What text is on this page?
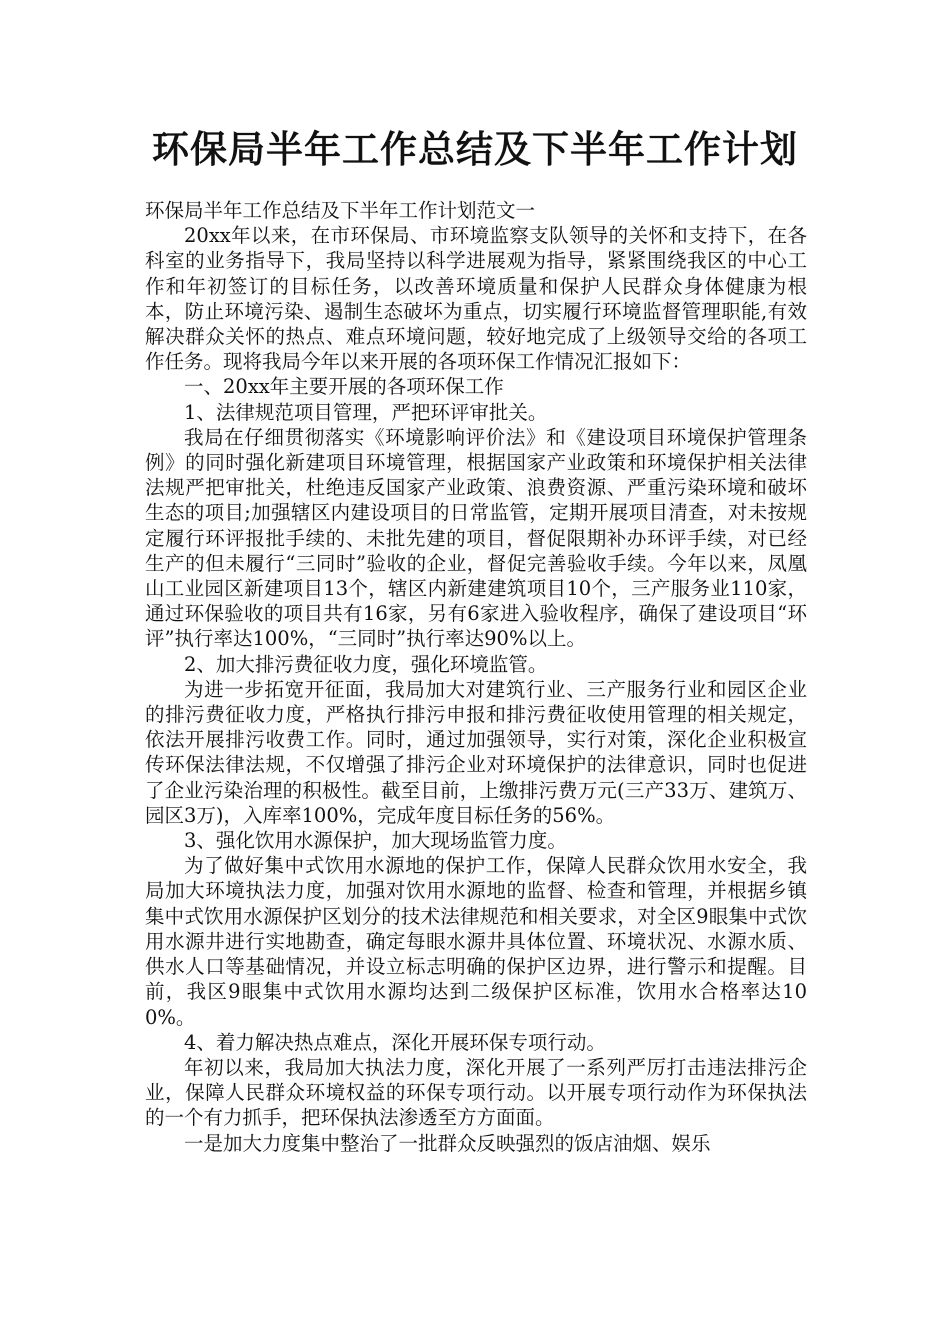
环保局半年工作总结及下半年工作计划

环保局半年工作总结及下半年工作计划范文一

20xx年以来，在市环保局、市环境监察支队领导的关怀和支持下，在各科室的业务指导下，我局坚持以科学进展观为指导，紧紧围绕我区的中心工作和年初签订的目标任务，以改善环境质量和保护人民群众身体健康为根本，防止环境污染、遏制生态破坏为重点，切实履行环境监督管理职能,有效解决群众关怀的热点、难点环境问题，较好地完成了上级领导交给的各项工作任务。现将我局今年以来开展的各项环保工作情况汇报如下：

一、20xx年主要开展的各项环保工作

1、法律规范项目管理，严把环评审批关。

我局在仔细贯彻落实《环境影响评价法》和《建设项目环境保护管理条例》的同时强化新建项目环境管理，根据国家产业政策和环境保护相关法律法规严把审批关，杜绝违反国家产业政策、浪费资源、严重污染环境和破坏生态的项目;加强辖区内建设项目的日常监管，定期开展项目清查，对未按规定履行环评报批手续的、未批先建的项目，督促限期补办环评手续，对已经生产的但未履行“三同时”验收的企业，督促完善验收手续。今年以来，凤凰山工业园区新建项目13个，辖区内新建建筑项目10个，三产服务业110家，通过环保验收的项目共有16家，另有6家进入验收程序，确保了建设项目“环评”执行率达100%，“三同时”执行率达90%以上。

2、加大排污费征收力度，强化环境监管。

为进一步拓宽开征面，我局加大对建筑行业、三产服务行业和园区企业的排污费征收力度，严格执行排污申报和排污费征收使用管理的相关规定，依法开展排污收费工作。同时，通过加强领导，实行对策，深化企业积极宣传环保法律法规，不仅增强了排污企业对环境保护的法律意识，同时也促进了企业污染治理的积极性。截至目前，上缴排污费万元(三产33万、建筑万、园区3万)，入库率100%，完成年度目标任务的56%。

3、强化饮用水源保护，加大现场监管力度。

为了做好集中式饮用水源地的保护工作，保障人民群众饮用水安全，我局加大环境执法力度，加强对饮用水源地的监督、检查和管理，并根据乡镇集中式饮用水源保护区划分的技术法律规范和相关要求，对全区9眼集中式饮用水源井进行实地勘查，确定每眼水源井具体位置、环境状况、水源水质、供水人口等基础情况，并设立标志明确的保护区边界，进行警示和提醒。目前，我区9眼集中式饮用水源均达到二级保护区标准，饮用水合格率达100%。

4、着力解决热点难点，深化开展环保专项行动。

年初以来，我局加大执法力度，深化开展了一系列严厉打击违法排污企业，保障人民群众环境权益的环保专项行动。以开展专项行动作为环保执法的一个有力抓手，把环保执法渗透至方方面面。

一是加大力度集中整治了一批群众反映强烈的饭店油烟、娱乐
